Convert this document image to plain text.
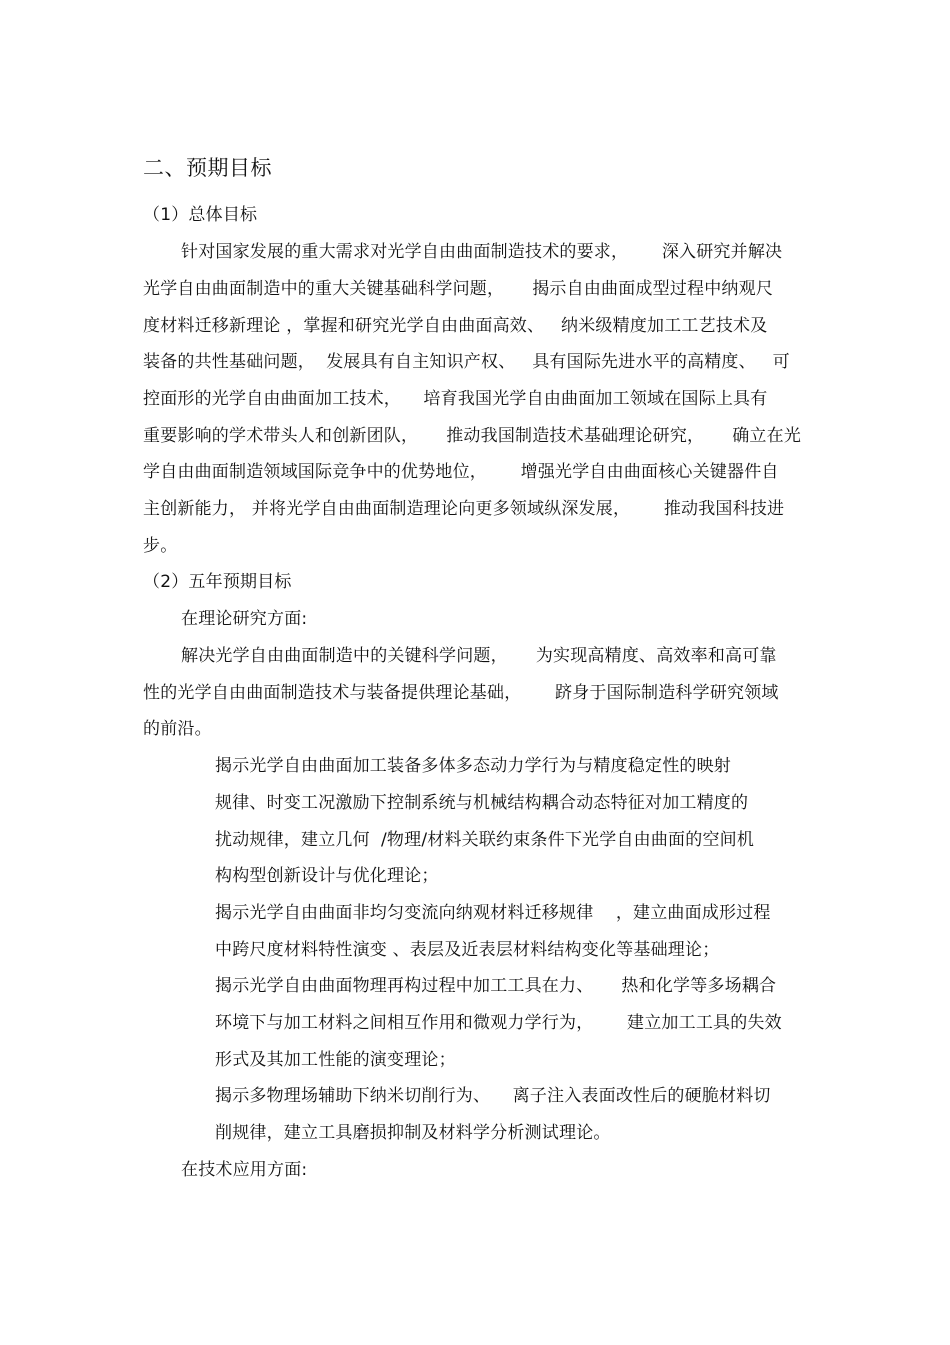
二、预期目标
（1）总体目标
针对国家发展的重大需求对光学自由曲面制造技术的要求，      深入研究并解决
光学自由曲面制造中的重大关键基础科学问题，     揭示自由曲面成型过程中纳观尺
度材料迁移新理论 ，掌握和研究光学自由曲面高效、   纳米级精度加工工艺技术及
装备的共性基础问题，  发展具有自主知识产权、   具有国际先进水平的高精度、   可
控面形的光学自由曲面加工技术，    培育我国光学自由曲面加工领域在国际上具有
重要影响的学术带头人和创新团队，     推动我国制造技术基础理论研究，     确立在光
学自由曲面制造领域国际竞争中的优势地位，      增强光学自由曲面核心关键器件自
主创新能力， 并将光学自由曲面制造理论向更多领域纵深发展，      推动我国科技进
步。
（2）五年预期目标
在理论研究方面:
解决光学自由曲面制造中的关键科学问题，     为实现高精度、高效率和高可靠
性的光学自由曲面制造技术与装备提供理论基础，      跻身于国际制造科学研究领域
的前沿。
揭示光学自由曲面加工装备多体多态动力学行为与精度稳定性的映射
规律、时变工况激励下控制系统与机械结构耦合动态特征对加工精度的
扰动规律，建立几何  /物理/材料关联约束条件下光学自由曲面的空间机
构构型创新设计与优化理论；
揭示光学自由曲面非均匀变流向纳观材料迁移规律    ，建立曲面成形过程
中跨尺度材料特性演变 、表层及近表层材料结构变化等基础理论；
揭示光学自由曲面物理再构过程中加工工具在力、     热和化学等多场耦合
环境下与加工材料之间相互作用和微观力学行为，      建立加工工具的失效
形式及其加工性能的演变理论；
揭示多物理场辅助下纳米切削行为、    离子注入表面改性后的硬脆材料切
削规律，建立工具磨损抑制及材料学分析测试理论。
在技术应用方面:
